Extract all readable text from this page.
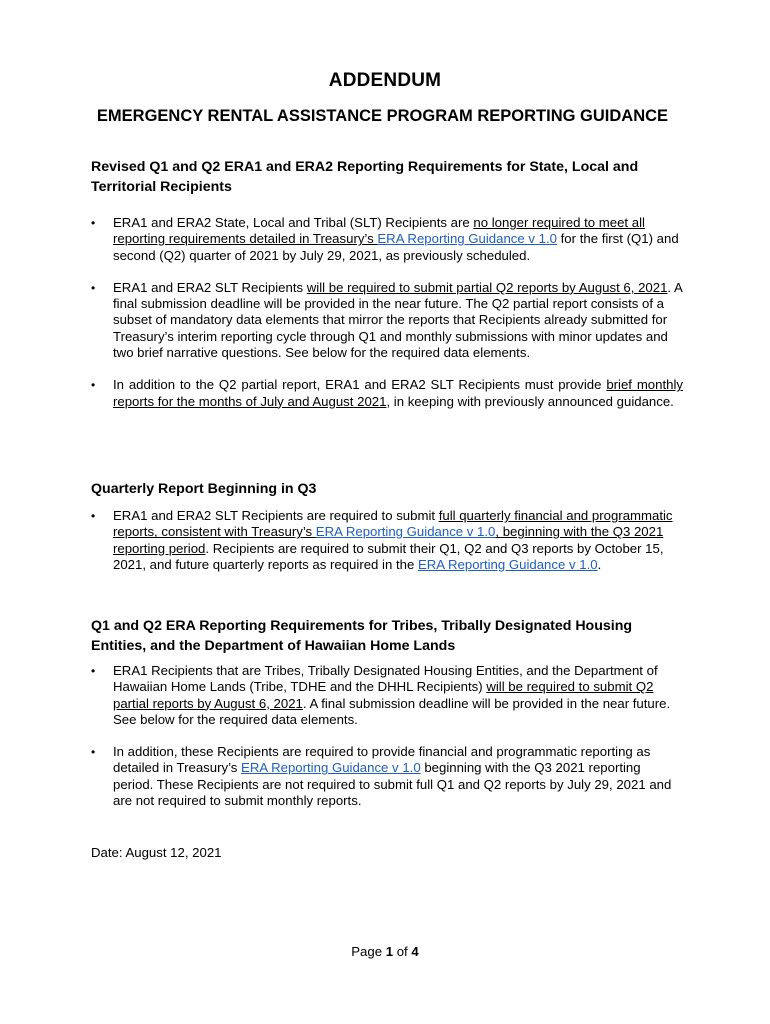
ADDENDUM
EMERGENCY RENTAL ASSISTANCE PROGRAM REPORTING GUIDANCE
Revised Q1 and Q2 ERA1 and ERA2 Reporting Requirements for State, Local and Territorial Recipients
• ERA1 and ERA2 State, Local and Tribal (SLT) Recipients are no longer required to meet all reporting requirements detailed in Treasury’s ERA Reporting Guidance v 1.0 for the first (Q1) and second (Q2) quarter of 2021 by July 29, 2021, as previously scheduled.
• ERA1 and ERA2 SLT Recipients will be required to submit partial Q2 reports by August 6, 2021. A final submission deadline will be provided in the near future. The Q2 partial report consists of a subset of mandatory data elements that mirror the reports that Recipients already submitted for Treasury’s interim reporting cycle through Q1 and monthly submissions with minor updates and two brief narrative questions. See below for the required data elements.
• In addition to the Q2 partial report, ERA1 and ERA2 SLT Recipients must provide brief monthly reports for the months of July and August 2021, in keeping with previously announced guidance.
Quarterly Report Beginning in Q3
• ERA1 and ERA2 SLT Recipients are required to submit full quarterly financial and programmatic reports, consistent with Treasury’s ERA Reporting Guidance v 1.0, beginning with the Q3 2021 reporting period. Recipients are required to submit their Q1, Q2 and Q3 reports by October 15, 2021, and future quarterly reports as required in the ERA Reporting Guidance v 1.0.
Q1 and Q2 ERA Reporting Requirements for Tribes, Tribally Designated Housing Entities, and the Department of Hawaiian Home Lands
• ERA1 Recipients that are Tribes, Tribally Designated Housing Entities, and the Department of Hawaiian Home Lands (Tribe, TDHE and the DHHL Recipients) will be required to submit Q2 partial reports by August 6, 2021. A final submission deadline will be provided in the near future. See below for the required data elements.
• In addition, these Recipients are required to provide financial and programmatic reporting as detailed in Treasury’s ERA Reporting Guidance v 1.0 beginning with the Q3 2021 reporting period. These Recipients are not required to submit full Q1 and Q2 reports by July 29, 2021 and are not required to submit monthly reports.
Date: August 12, 2021
Page 1 of 4
